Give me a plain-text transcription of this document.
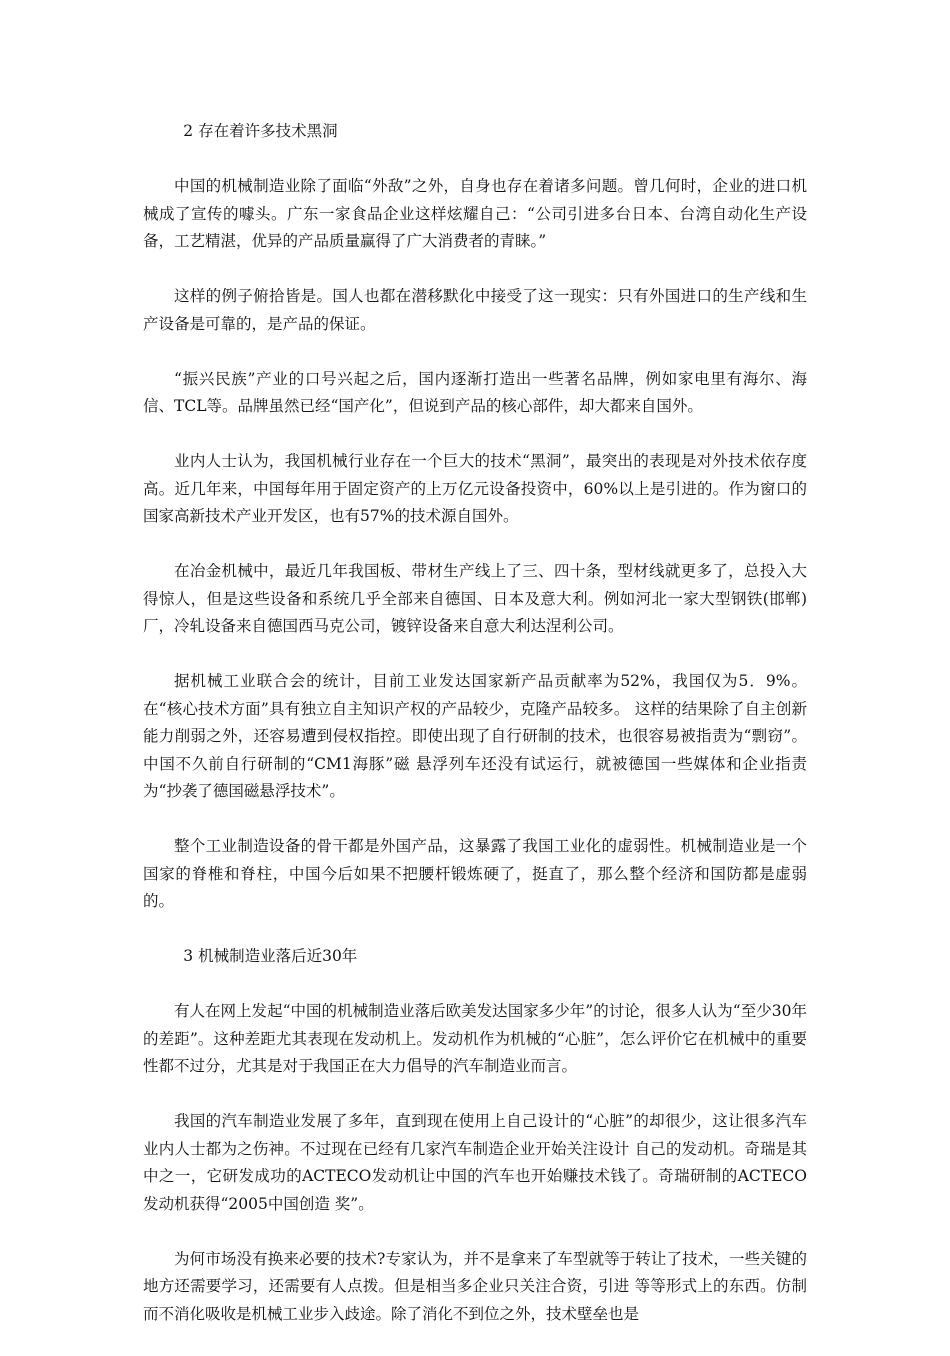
2 存在着许多技术黑洞
中国的机械制造业除了面临“外敌”之外，自身也存在着诸多问题。曾几何时，企业的进口机械成了宣传的噱头。广东一家食品企业这样炫耀自己：“公司引进多台日本、台湾自动化生产设备，工艺精湛，优异的产品质量赢得了广大消费者的青睐。”
这样的例子俯拾皆是。国人也都在潜移默化中接受了这一现实：只有外国进口的生产线和生产设备是可靠的，是产品的保证。
“振兴民族”产业的口号兴起之后，国内逐渐打造出一些著名品牌，例如家电里有海尔、海信、TCL等。品牌虽然已经“国产化”，但说到产品的核心部件，却大都来自国外。
业内人士认为，我国机械行业存在一个巨大的技术“黑洞”，最突出的表现是对外技术依存度高。近几年来，中国每年用于固定资产的上万亿元设备投资中，60%以上是引进的。作为窗口的国家高新技术产业开发区，也有57%的技术源自国外。
在冶金机械中，最近几年我国板、带材生产线上了三、四十条，型材线就更多了，总投入大得惊人，但是这些设备和系统几乎全部来自德国、日本及意大利。例如河北一家大型钢铁(邯郸)厂，冷轧设备来自德国西马克公司，镀锌设备来自意大利达涅利公司。
据机械工业联合会的统计，目前工业发达国家新产品贡献率为52%，我国仅为5．9%。在“核心技术方面”具有独立自主知识产权的产品较少，克隆产品较多。 这样的结果除了自主创新能力削弱之外，还容易遭到侵权指控。即使出现了自行研制的技术，也很容易被指责为“剽窃”。中国不久前自行研制的“CM1海豚”磁 悬浮列车还没有试运行，就被德国一些媒体和企业指责为“抄袭了德国磁悬浮技术”。
整个工业制造设备的骨干都是外国产品，这暴露了我国工业化的虚弱性。机械制造业是一个国家的脊椎和脊柱，中国今后如果不把腰杆锻炼硬了，挺直了，那么整个经济和国防都是虚弱的。
3 机械制造业落后近30年
有人在网上发起“中国的机械制造业落后欧美发达国家多少年”的讨论，很多人认为“至少30年的差距”。这种差距尤其表现在发动机上。发动机作为机械的“心脏”，怎么评价它在机械中的重要性都不过分，尤其是对于我国正在大力倡导的汽车制造业而言。
我国的汽车制造业发展了多年，直到现在使用上自己设计的“心脏”的却很少，这让很多汽车业内人士都为之伤神。不过现在已经有几家汽车制造企业开始关注设计 自己的发动机。奇瑞是其中之一，它研发成功的ACTECO发动机让中国的汽车也开始赚技术钱了。奇瑞研制的ACTECO发动机获得“2005中国创造 奖”。
为何市场没有换来必要的技术?专家认为，并不是拿来了车型就等于转让了技术，一些关键的地方还需要学习，还需要有人点拨。但是相当多企业只关注合资，引进 等等形式上的东西。仿制而不消化吸收是机械工业步入歧途。除了消化不到位之外，技术壁垒也是
